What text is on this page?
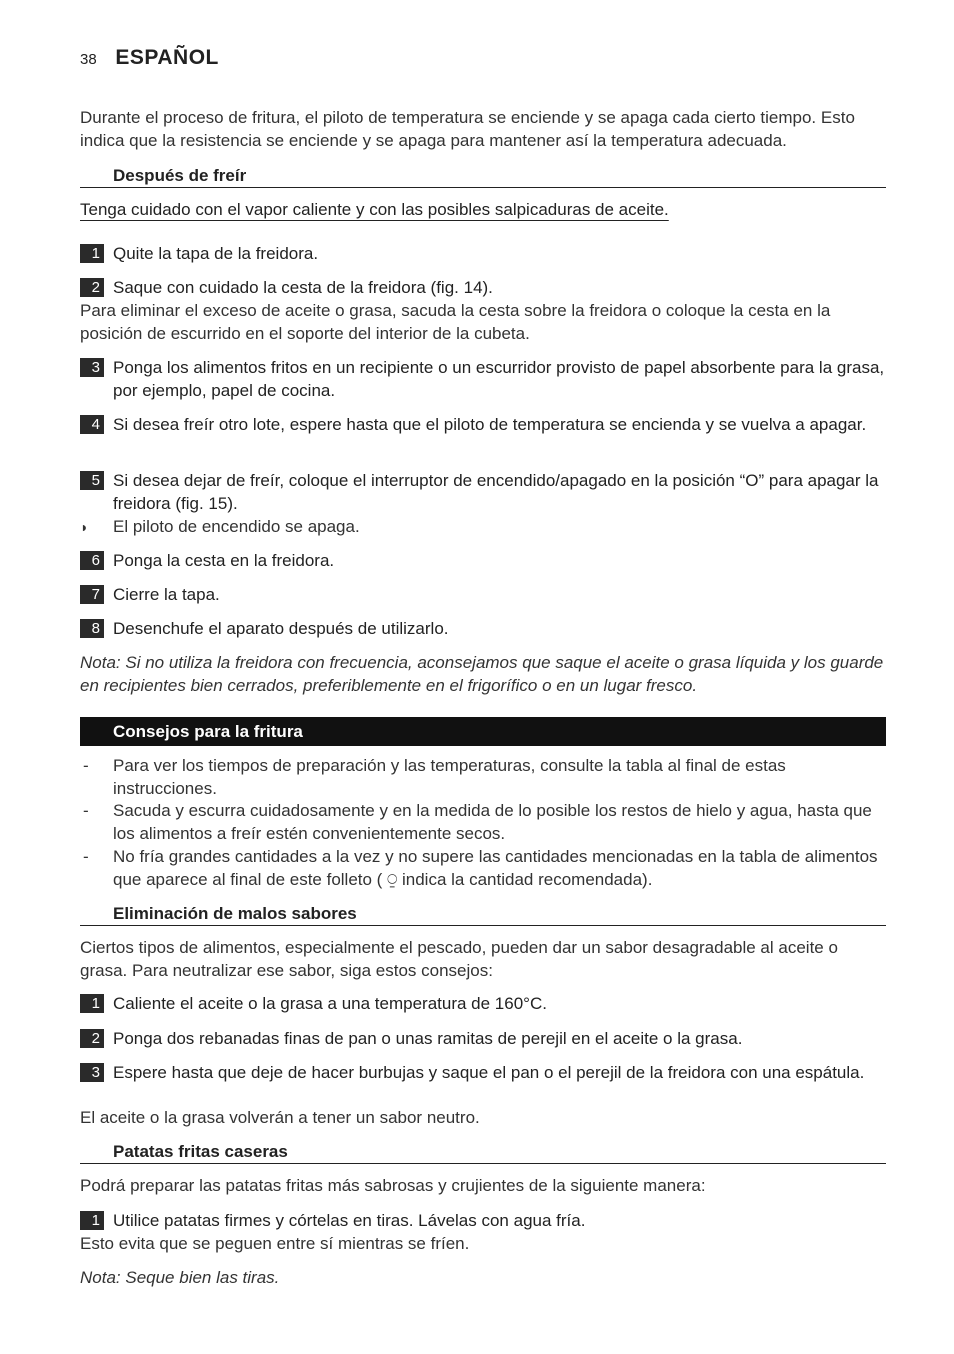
38 ESPAÑOL

Durante el proceso de fritura, el piloto de temperatura se enciende y se apaga cada cierto tiempo. Esto indica que la resistencia se enciende y se apaga para mantener así la temperatura adecuada.

Después de freír

Tenga cuidado con el vapor caliente y con las posibles salpicaduras de aceite.

1 Quite la tapa de la freidora.
2 Saque con cuidado la cesta de la freidora (fig. 14).

Para eliminar el exceso de aceite o grasa, sacuda la cesta sobre la freidora o coloque la cesta en la posición de escurrido en el soporte del interior de la cubeta.

3 Ponga los alimentos fritos en un recipiente o un escurridor provisto de papel absorbente para la grasa, por ejemplo, papel de cocina.
4 Si desea freír otro lote, espere hasta que el piloto de temperatura se encienda y se vuelva a apagar.
5 Si desea dejar de freír, coloque el interruptor de encendido/apagado en la posición “O” para apagar la freidora (fig. 15).
◗ El piloto de encendido se apaga.
6 Ponga la cesta en la freidora.
7 Cierre la tapa.
8 Desenchufe el aparato después de utilizarlo.

Nota: Si no utiliza la freidora con frecuencia, aconsejamos que saque el aceite o grasa líquida y los guarde en recipientes bien cerrados, preferiblemente en el frigorífico o en un lugar fresco.

Consejos para la fritura
- Para ver los tiempos de preparación y las temperaturas, consulte la tabla al final de estas instrucciones.
- Sacuda y escurra cuidadosamente y en la medida de lo posible los restos de hielo y agua, hasta que los alimentos a freír estén convenientemente secos.
- No fría grandes cantidades a la vez y no supere las cantidades mencionadas en la tabla de alimentos que aparece al final de este folleto ( ⍜ indica la cantidad recomendada).
Eliminación de malos sabores

Ciertos tipos de alimentos, especialmente el pescado, pueden dar un sabor desagradable al aceite o grasa. Para neutralizar ese sabor, siga estos consejos:

1 Caliente el aceite o la grasa a una temperatura de 160°C.
2 Ponga dos rebanadas finas de pan o unas ramitas de perejil en el aceite o la grasa.
3 Espere hasta que deje de hacer burbujas y saque el pan o el perejil de la freidora con una espátula.

El aceite o la grasa volverán a tener un sabor neutro.

Patatas fritas caseras

Podrá preparar las patatas fritas más sabrosas y crujientes de la siguiente manera:

1 Utilice patatas firmes y córtelas en tiras. Lávelas con agua fría.

Esto evita que se peguen entre sí mientras se fríen.

Nota: Seque bien las tiras.
